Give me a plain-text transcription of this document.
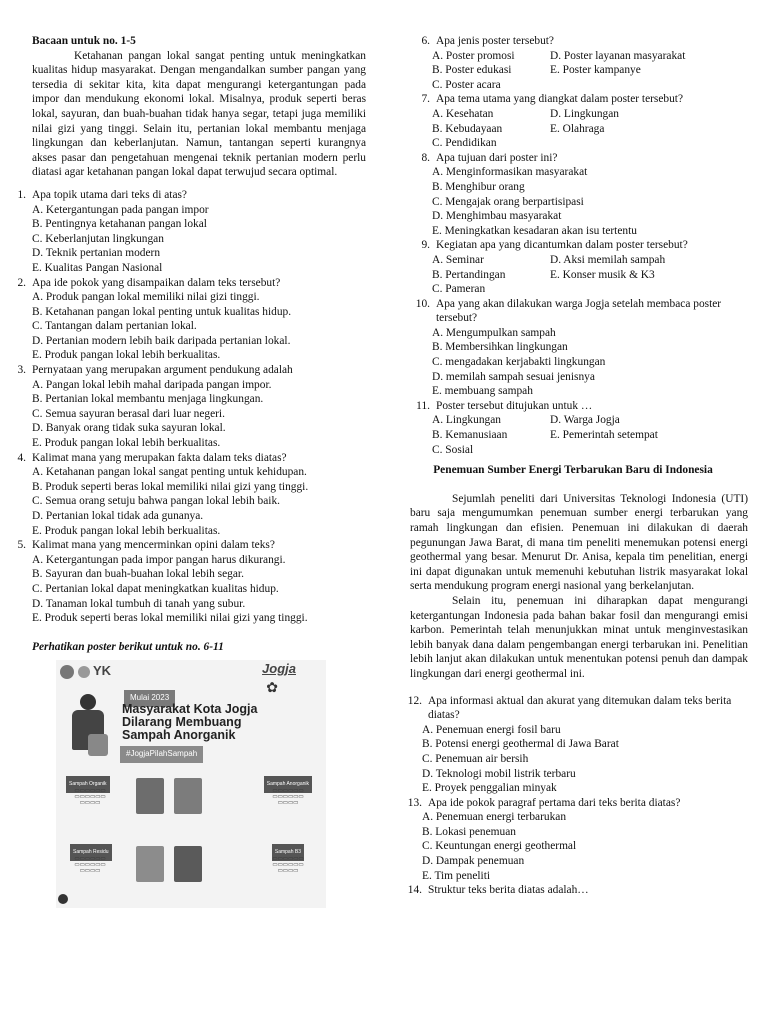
Bacaan untuk no. 1-5

Ketahanan pangan lokal sangat penting untuk meningkatkan kualitas hidup masyarakat. Dengan mengandalkan sumber pangan yang tersedia di sekitar kita, kita dapat mengurangi ketergantungan pada impor dan mendukung ekonomi lokal. Misalnya, produk seperti beras lokal, sayuran, dan buah-buahan tidak hanya segar, tetapi juga memiliki nilai gizi yang tinggi. Selain itu, pertanian lokal membantu menjaga lingkungan dan keberlanjutan. Namun, tantangan seperti kurangnya akses pasar dan pengetahuan mengenai teknik pertanian modern perlu diatasi agar ketahanan pangan lokal dapat terwujud secara optimal.

1. Apa topik utama dari teks di atas?
A. Ketergantungan pada pangan impor
B. Pentingnya ketahanan pangan lokal
C. Keberlanjutan lingkungan
D. Teknik pertanian modern
E. Kualitas Pangan Nasional
2. Apa ide pokok yang disampaikan dalam teks tersebut?
A. Produk pangan lokal memiliki nilai gizi tinggi.
B. Ketahanan pangan lokal penting untuk kualitas hidup.
C. Tantangan dalam pertanian lokal.
D. Pertanian modern lebih baik daripada pertanian lokal.
E. Produk pangan lokal lebih berkualitas.
3. Pernyataan yang merupakan argument pendukung adalah
A. Pangan lokal lebih mahal daripada pangan impor.
B. Pertanian lokal membantu menjaga lingkungan.
C. Semua sayuran berasal dari luar negeri.
D. Banyak orang tidak suka sayuran lokal.
E. Produk pangan lokal lebih berkualitas.
4. Kalimat mana yang merupakan fakta dalam teks diatas?
A. Ketahanan pangan lokal sangat penting untuk kehidupan.
B. Produk seperti beras lokal memiliki nilai gizi yang tinggi.
C. Semua orang setuju bahwa pangan lokal lebih baik.
D. Pertanian lokal tidak ada gunanya.
E. Produk pangan lokal lebih berkualitas.
5. Kalimat mana yang mencerminkan opini dalam teks?
A. Ketergantungan pada impor pangan harus dikurangi.
B. Sayuran dan buah-buahan lokal lebih segar.
C. Pertanian lokal dapat meningkatkan kualitas hidup.
D. Tanaman lokal tumbuh di tanah yang subur.
E. Produk seperti beras lokal memiliki nilai gizi yang tinggi.

Perhatikan poster berikut untuk no. 6-11

YK	Jogja
✿
Mulai 2023
Masyarakat Kota Jogja
Dilarang Membuang
Sampah Anorganik
#JogjaPilahSampah
Sampah Organik	Sampah Anorganik
▭▭▭▭▭▭
▭▭▭▭▭▭
▭▭▭▭
▭▭▭▭▭▭
▭▭▭▭▭▭
▭▭▭▭
Sampah Residu	Sampah B3
▭▭▭▭▭▭
▭▭▭▭▭▭
▭▭▭▭
▭▭▭▭▭▭
▭▭▭▭▭▭
▭▭▭▭
6. Apa jenis poster tersebut?
A. Poster promosi	D. Poster layanan masyarakat
B. Poster edukasi	E. Poster kampanye
C. Poster acara
7. Apa tema utama yang diangkat dalam poster tersebut?
A. Kesehatan	D. Lingkungan
B. Kebudayaan	E. Olahraga
C. Pendidikan
8. Apa tujuan dari poster ini?
A. Menginformasikan masyarakat
B. Menghibur orang
C. Mengajak orang berpartisipasi
D. Menghimbau masyarakat
E. Meningkatkan kesadaran akan isu tertentu
9. Kegiatan apa yang dicantumkan dalam poster tersebut?
A. Seminar	D. Aksi memilah sampah
B. Pertandingan	E. Konser musik & K3
C. Pameran
10. Apa yang akan dilakukan warga Jogja setelah membaca poster tersebut?
A. Mengumpulkan sampah
B. Membersihkan lingkungan
C. mengadakan kerjabakti lingkungan
D. memilah sampah sesuai jenisnya
E. membuang sampah
11. Poster tersebut ditujukan untuk …
A. Lingkungan	D. Warga Jogja
B. Kemanusiaan	E. Pemerintah setempat
C. Sosial

Penemuan Sumber Energi Terbarukan Baru di Indonesia

Sejumlah peneliti dari Universitas Teknologi Indonesia (UTI) baru saja mengumumkan penemuan sumber energi terbarukan yang ramah lingkungan dan efisien. Penemuan ini dilakukan di daerah pegunungan Jawa Barat, di mana tim peneliti menemukan potensi energi geothermal yang besar. Menurut Dr. Anisa, kepala tim penelitian, energi ini dapat digunakan untuk memenuhi kebutuhan listrik masyarakat lokal serta mendukung program energi nasional yang berkelanjutan.

Selain itu, penemuan ini diharapkan dapat mengurangi ketergantungan Indonesia pada bahan bakar fosil dan mengurangi emisi karbon. Pemerintah telah menunjukkan minat untuk menginvestasikan lebih banyak dana dalam pengembangan energi terbarukan ini. Penelitian lebih lanjut akan dilakukan untuk menentukan potensi penuh dan dampak lingkungan dari energi geothermal ini.

12. Apa informasi aktual dan akurat yang ditemukan dalam teks berita diatas?
A. Penemuan energi fosil baru
B. Potensi energi geothermal di Jawa Barat
C. Penemuan air bersih
D. Teknologi mobil listrik terbaru
E. Proyek penggalian minyak
13. Apa ide pokok paragraf pertama dari teks berita diatas?
A. Penemuan energi terbarukan
B. Lokasi penemuan
C. Keuntungan energi geothermal
D. Dampak penemuan
E. Tim peneliti
14. Struktur teks berita diatas adalah…
